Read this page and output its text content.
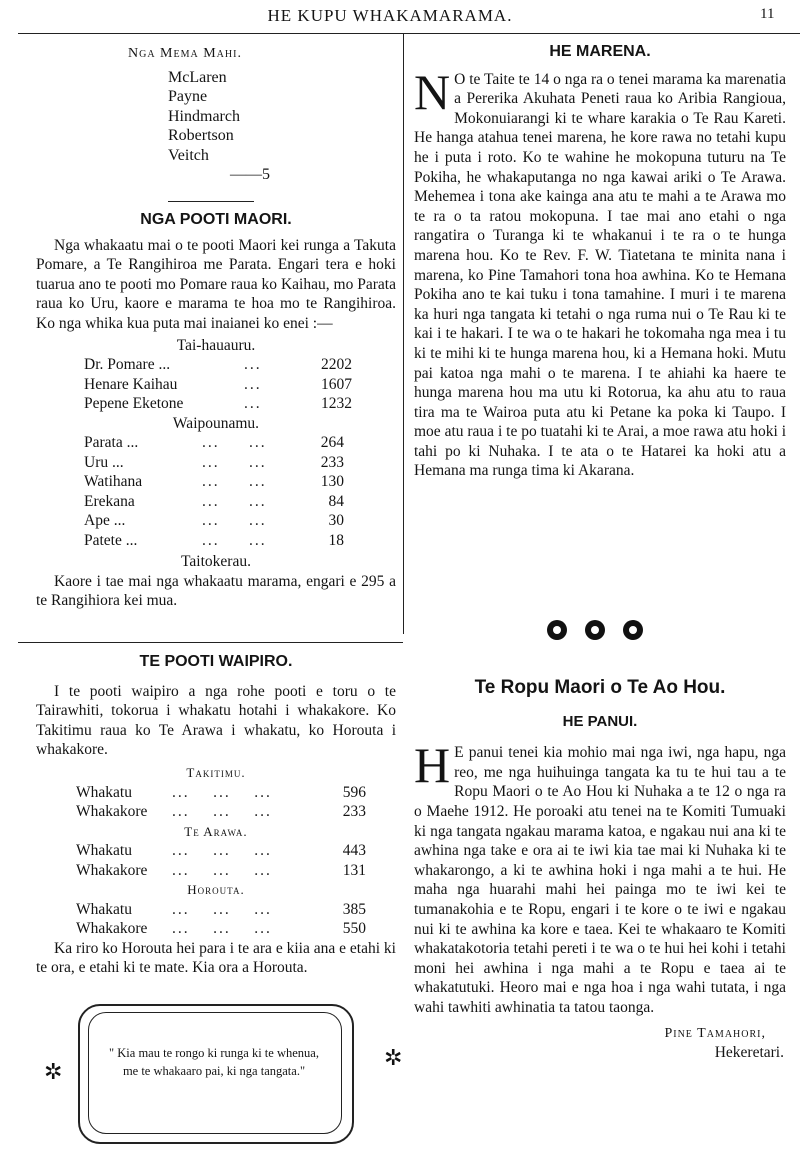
HE KUPU WHAKAMARAMA.	11
Nga Mema Mahi.
McLaren
Payne
Hindmarch
Robertson
Veitch
——5
NGA POOTI MAORI.

Nga whakaatu mai o te pooti Maori kei runga a Takuta Pomare, a Te Rangihiroa me Parata. Engari tera e hoki tuarua ano te pooti mo Pomare raua ko Kaihau, mo Parata raua ko Uru, kaore e marama te hoa mo te Rangihiroa. Ko nga whika kua puta mai inaianei ko enei :—

Tai-hauauru.
Dr. Pomare ...	...	2202
Henare Kaihau	...	1607
Pepene Eketone	...	1232
Waipounamu.
Parata ...	...     ...	264
Uru ...	...     ...	233
Watihana	...     ...	130
Erekana	...     ...	84
Ape ...	...     ...	30
Patete ...	...     ...	18
Taitokerau.

Kaore i tae mai nga whakaatu marama, engari e 295 a te Rangihiora kei mua.

TE POOTI WAIPIRO.

I te pooti waipiro a nga rohe pooti e toru o te Tairawhiti, tokorua i whakatu hotahi i whakakore. Ko Takitimu raua ko Te Arawa i whakatu, ko Horouta i whakakore.

Takitimu.
Whakatu	...    ...    ...	596
Whakakore	...    ...    ...	233
Te Arawa.
Whakatu	...    ...    ...	443
Whakakore	...    ...    ...	131
Horouta.
Whakatu	...    ...    ...	385
Whakakore	...    ...    ...	550

Ka riro ko Horouta hei para i te ara e kiia ana e etahi ki te ora, e etahi ki te mate. Kia ora a Horouta.

" Kia mau te rongo ki runga ki te whenua, me te whakaaro pai, ki nga tangata."
✲
✲
HE MARENA.

N O te Taite te 14 o nga ra o tenei marama ka marenatia a Pererika Akuhata Peneti raua ko Aribia Rangioua, Mokonuiarangi ki te whare karakia o Te Rau Kareti. He hanga atahua tenei marena, he kore rawa no tetahi kupu he i puta i roto. Ko te wahine he mokopuna tuturu na Te Pokiha, he whakaputanga no nga kawai ariki o Te Arawa. Mehemea i tona ake kainga ana atu te mahi a te Arawa mo te ra o ta ratou mokopuna. I tae mai ano etahi o nga rangatira o Turanga ki te whakanui i te ra o te hunga marena hou. Ko te Rev. F. W. Tiatetana te minita nana i marena, ko Pine Tamahori tona hoa awhina. Ko te Hemana Pokiha ano te kai tuku i tona tamahine. I muri i te marena ka huri nga tangata ki tetahi o nga ruma nui o Te Rau ki te kai i te hakari. I te wa o te hakari he tokomaha nga mea i tu ki te mihi ki te hunga marena hou, ki a Hemana hoki. Mutu pai katoa nga mahi o te marena. I te ahiahi ka haere te hunga marena hou ma utu ki Rotorua, ka ahu atu to raua tira ma te Wairoa puta atu ki Petane ka poka ki Taupo. I moe atu raua i te po tuatahi ki te Arai, a moe rawa atu hoki i tahi po ki Nuhaka. I te ata o te Hatarei ka hoki atu a Hemana ma runga tima ki Akarana.

Te Ropu Maori o Te Ao Hou.
HE PANUI.

H E panui tenei kia mohio mai nga iwi, nga hapu, nga reo, me nga huihuinga tangata ka tu te hui tau a te Ropu Maori o te Ao Hou ki Nuhaka a te 12 o nga ra o Maehe 1912. He poroaki atu tenei na te Komiti Tumuaki ki nga tangata ngakau marama katoa, e ngakau nui ana ki te awhina nga take e ora ai te iwi kia tae mai ki Nuhaka ki te whakarongo, a ki te awhina hoki i nga mahi a te hui. He maha nga huarahi mahi hei painga mo te iwi kei te tumanakohia e te Ropu, engari i te kore o te iwi e ngakau nui ki te awhina ka kore e taea. Kei te whakaaro te Komiti whakatakotoria tetahi pereti i te wa o te hui hei kohi i tetahi moni hei awhina i nga mahi a te Ropu e taea ai te whakatutuki. Heoro mai e nga hoa i nga wahi tutata, i nga wahi tawhiti awhinatia ta tatou taonga.

Pine Tamahori,
Hekeretari.
